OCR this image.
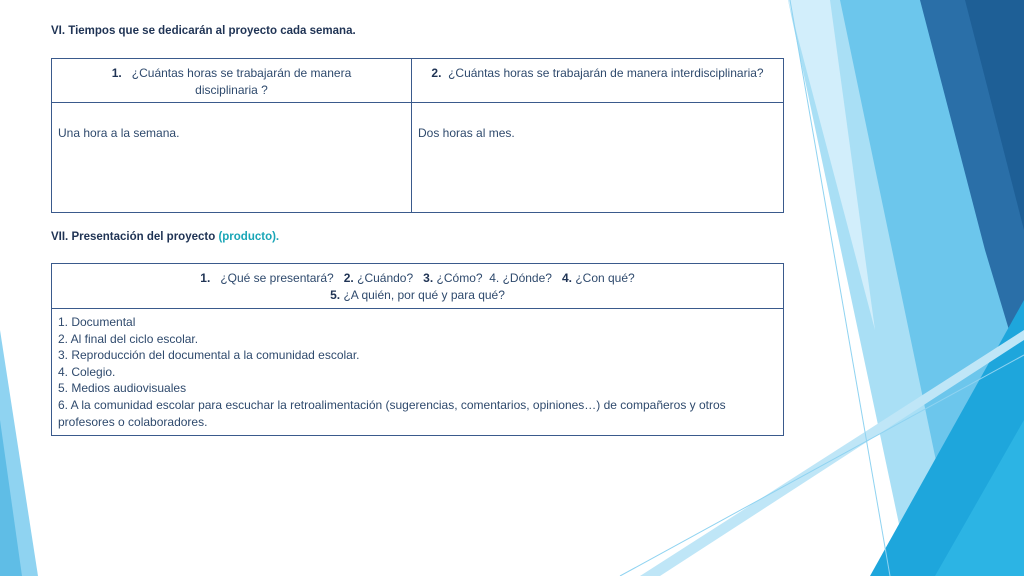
VI. Tiempos que se dedicarán al proyecto cada semana.
1. ¿Cuántas horas se trabajarán de manera disciplinaria ?	2. ¿Cuántas horas se trabajarán de manera interdisciplinaria?
Una hora a la semana.	Dos horas al mes.
VII. Presentación del proyecto (producto).
1. ¿Qué se presentará? 2. ¿Cuándo? 3. ¿Cómo? 4. ¿Dónde? 4. ¿Con qué?
5. ¿A quién, por qué y para qué?

1. Documental
2. Al final del ciclo escolar.
3. Reproducción del documental a la comunidad escolar.
4. Colegio.
5. Medios audiovisuales
6. A la comunidad escolar para escuchar la retroalimentación (sugerencias, comentarios, opiniones…) de compañeros y otros profesores o colaboradores.
